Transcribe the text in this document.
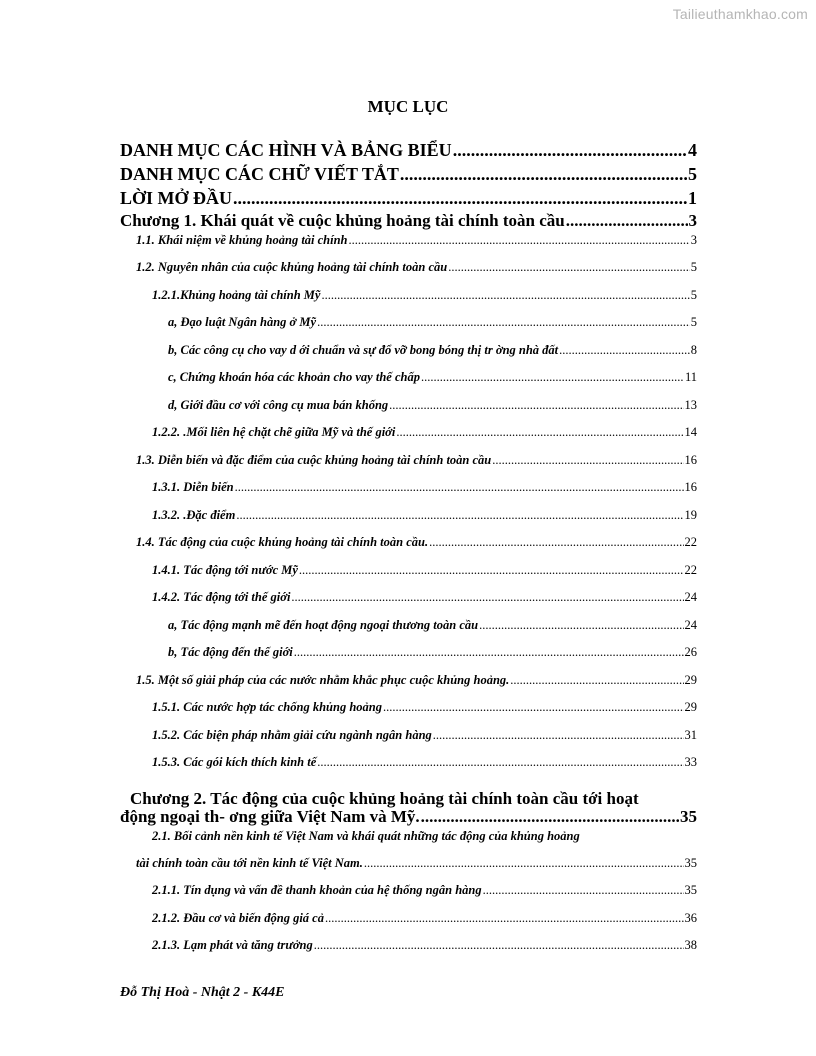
Tailieuthamkhao.com
MỤC LỤC
DANH MỤC CÁC HÌNH VÀ BẢNG BIỂU .....	4
DANH MỤC CÁC CHỮ VIẾT TẮT .....	5
LỜI MỞ ĐẦU .....	1
Chương 1. Khái quát về cuộc khủng hoảng tài chính toàn cầu .....	3
1.1. Khái niệm về khủng hoảng tài chính .....	3
1.2. Nguyên nhân của cuộc khủng hoảng tài chính toàn cầu .....	5
1.2.1.Khủng hoảng tài chính Mỹ .....	5
a, Đạo luật Ngân hàng ở Mỹ .....	5
b, Các công cụ cho vay d ới chuẩn và sự đổ vỡ bong bóng thị tr ờng nhà đất .....	8
c, Chứng khoán hóa các khoản cho vay thế chấp .....	11
d, Giới đầu cơ với công cụ mua bán khống .....	13
1.2.2. .Mối liên hệ chặt chẽ giữa Mỹ và thế giới .....	14
1.3. Diễn biến và đặc điểm của cuộc khủng hoảng tài chính toàn cầu .....	16
1.3.1. Diễn biến .....	16
1.3.2. .Đặc điểm .....	19
1.4. Tác động của cuộc khủng hoảng tài chính toàn cầu. .....	22
1.4.1. Tác động tới nước Mỹ .....	22
1.4.2. Tác động tới thế giới .....	24
a, Tác động mạnh mẽ đến hoạt động ngoại thương toàn cầu .....	24
b, Tác động đến thế giới .....	26
1.5. Một số giải pháp của các nước nhằm khắc phục cuộc khủng hoảng. .....	29
1.5.1. Các nước hợp tác chống khủng hoảng .....	29
1.5.2. Các biện pháp nhằm giải cứu ngành ngân hàng .....	31
1.5.3. Các gói kích thích kinh tế .....	33
Chương 2. Tác động của cuộc khủng hoảng tài chính toàn cầu tới hoạt
động ngoại th- ơng giữa Việt Nam và Mỹ. .....	35
2.1. Bối cảnh nền kinh tế Việt Nam và khái quát những tác động của khủng hoảng
tài chính toàn cầu tới nền kinh tế Việt Nam. .....	35
2.1.1. Tín dụng và vấn đề thanh khoản của hệ thống ngân hàng .....	35
2.1.2. Đầu cơ và biến động giá cả .....	36
2.1.3. Lạm phát và tăng trưởng .....	38
Đỗ Thị Hoà - Nhật 2 - K44E
